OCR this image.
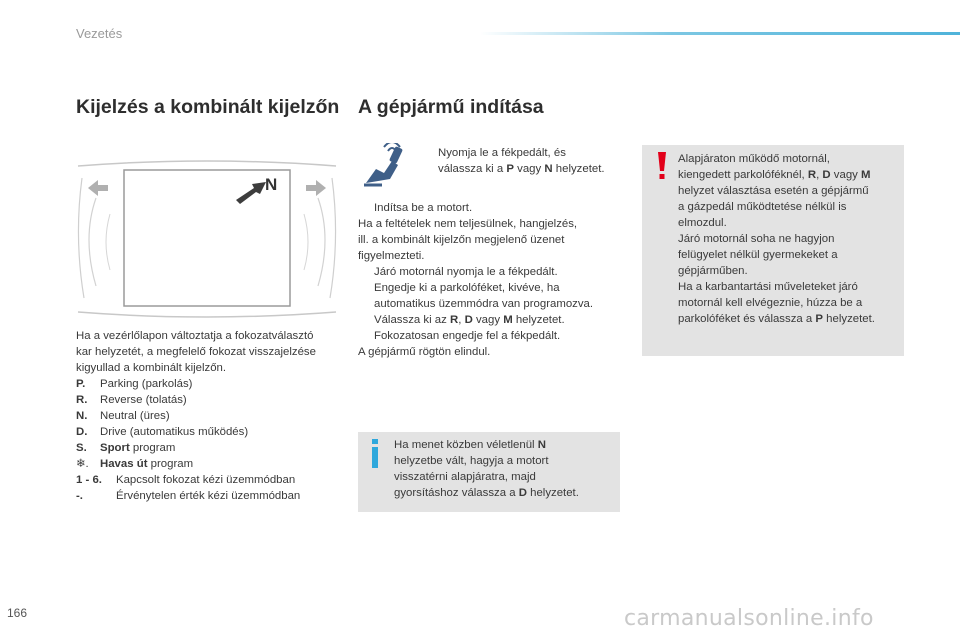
Vezetés
Kijelzés a kombinált kijelzőn A gépjármű indítása
N
Ha a vezérlőlapon változtatja a fokozatválasztó
kar helyzetét, a megfelelő fokozat visszajelzése
kigyullad a kombinált kijelzőn.
P.	Parking (parkolás)
R.	Reverse (tolatás)
N.	Neutral (üres)
D.	Drive (automatikus működés)
S.	Sport program
❄. Havas út program
1 - 6.	Kapcsolt fokozat kézi üzemmódban
-.	Érvénytelen érték kézi üzemmódban
Nyomja le a fékpedált, és
válassza ki a P vagy N helyzetet.
Indítsa be a motort.
Ha a feltételek nem teljesülnek, hangjelzés,
ill. a kombinált kijelzőn megjelenő üzenet
figyelmezteti.
Járó motornál nyomja le a fékpedált.
Engedje ki a parkolóféket, kivéve, ha
automatikus üzemmódra van programozva.
Válassza ki az R , D vagy M helyzetet.
Fokozatosan engedje fel a fékpedált.
A gépjármű rögtön elindul.
Alapjáraton működő motornál,
kiengedett parkolóféknél, R, D vagy M
helyzet választása esetén a gépjármű
a gázpedál működtetése nélkül is
elmozdul.
Járó motornál soha ne hagyjon
felügyelet nélkül gyermekeket a
gépjárműben.
Ha a karbantartási műveleteket járó
motornál kell elvégeznie, húzza be a
parkolóféket és válassza a P helyzetet.
Ha menet közben véletlenül N
helyzetbe vált, hagyja a motort
visszatérni alapjáratra, majd
gyorsításhoz válassza a D helyzetet.
166	carmanualsonline.info
